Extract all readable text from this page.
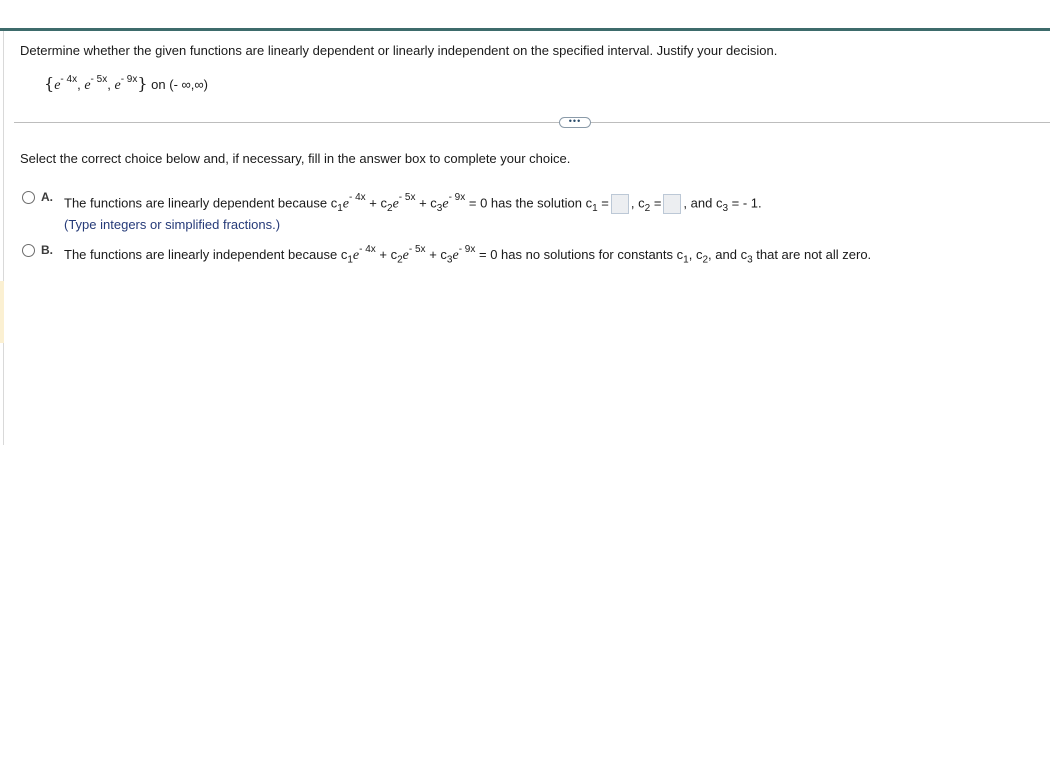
Determine whether the given functions are linearly dependent or linearly independent on the specified interval. Justify your decision.
{$e^{- 4x}$, $e^{- 5x}$, $e^{- 9x}$} on (- ∞,∞)
•••
Select the correct choice below and, if necessary, fill in the answer box to complete your choice.
A. The functions are linearly dependent because $c_1e^{- 4x} + c_2e^{- 5x} + c_3e^{- 9x} = 0$ has the solution $c_1$ = , $c_2$ = , and $c_3$ = - 1.
(Type integers or simplified fractions.)
B. The functions are linearly independent because $c_1e^{- 4x} + c_2e^{- 5x} + c_3e^{- 9x} = 0$ has no solutions for constants $c_1$, $c_2$, and $c_3$ that are not all zero.
